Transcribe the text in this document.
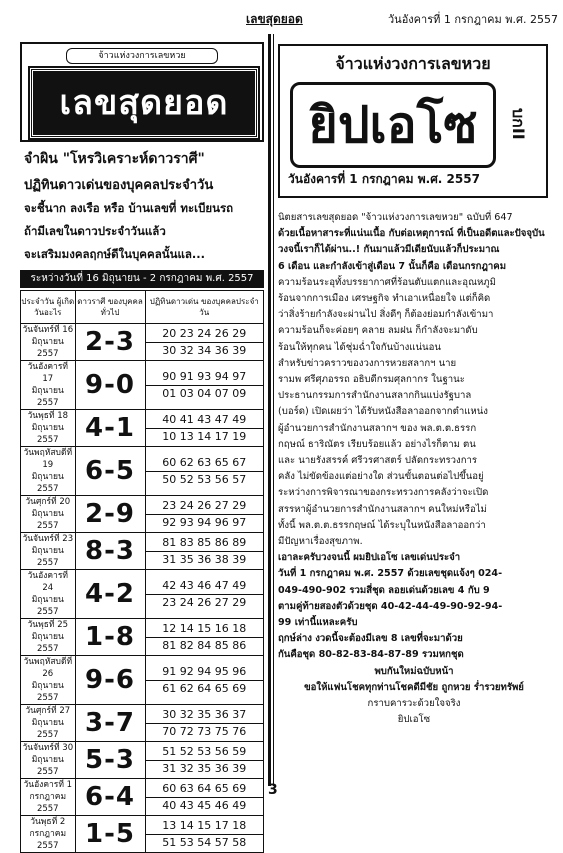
เลขสุดยอด	วันอังคารที่ 1 กรกฎาคม พ.ศ. 2557
จ้าวแห่งวงการเลขหวย
เลขสุดยอด
จำผิน "โหรวิเคราะห์ดาวราศี"
ปฏิทินดาวเด่นของบุคคลประจำวัน
จะชี้นาก ลงเรือ หรือ บ้านเลขที่ ทะเบียนรถ
ถ้ามีเลขในดาวประจำวันแล้ว
จะเสริมมงคลฤกษ์ดีในบุคคลนั้นแล...
ระหว่างวันที่ 16 มิถุนายน - 2 กรกฎาคม พ.ศ. 2557
ประจำวัน ผู้เกิดวันอะไร	ดาวราศี ของบุคคลทั่วไป	ปฏิทินดาวเด่น ของบุคคลประจำวัน
วันจันทร์ที่ 16
มิถุนายน 2557	2-3	20 23 24 26 29
30 32 34 36 39

วันอังคารที่ 17
มิถุนายน 2557	9-0	90 91 93 94 97
01 03 04 07 09

วันพุธที่ 18
มิถุนายน 2557	4-1	40 41 43 47 49
10 13 14 17 19

วันพฤหัสบดีที่ 19
มิถุนายน 2557	6-5	60 62 63 65 67
50 52 53 56 57

วันศุกร์ที่ 20
มิถุนายน 2557	2-9	23 24 26 27 29
92 93 94 96 97

วันจันทร์ที่ 23
มิถุนายน 2557	8-3	81 83 85 86 89
31 35 36 38 39

วันอังคารที่ 24
มิถุนายน 2557	4-2	42 43 46 47 49
23 24 26 27 29

วันพุธที่ 25
มิถุนายน 2557	1-8	12 14 15 16 18
81 82 84 85 86

วันพฤหัสบดีที่ 26
มิถุนายน 2557	9-6	91 92 94 95 96
61 62 64 65 69

วันศุกร์ที่ 27
มิถุนายน 2557	3-7	30 32 35 36 37
70 72 73 75 76

วันจันทร์ที่ 30
มิถุนายน 2557	5-3	51 52 53 56 59
31 32 35 36 39

วันอังคารที่ 1
กรกฎาคม 2557	6-4	60 63 64 65 69
40 43 45 46 49

วันพุธที่ 2
กรกฎาคม 2557	1-5	13 14 15 17 18
51 53 54 57 58
จ้าวแห่งวงการเลขหวย
ยิปเอโซ	บกII
วันอังคารที่ 1 กรกฎาคม พ.ศ. 2557

นิตยสารเลขสุดยอด "จ้าวแห่งวงการเลขหวย" ฉบับที่ 647

ด้วยเนื้อหาสาระที่แน่นเนื้อ กับต่อเหตุการณ์ ที่เป็นอดีตและปัจจุบัน

วงจนี้เราก็ได้ผ่าน..! กันมาแล้วมีเดียนับแล้วก็ประมาณ

6 เดือน และกำลังเข้าสู่เดือน 7 นั้นก็คือ เดือนกรกฎาคม

ความร้อนระอุทั้งบรรยากาศที่ร้อนตับแตกและอุณหภูมิ

ร้อนจากการเมือง เศรษฐกิจ ทำเอาเหนื่อยใจ แต่ก็คิด

ว่าสิ่งร้ายกำลังจะผ่านไป สิ่งดีๆ ก็ต้องย่อมกำลังเข้ามา

ความร้อนก็จะค่อยๆ คลาย ลมฝน ก็กำลังจะมาดับ

ร้อนให้ทุกคน ได้ชุ่มฉ่ำใจกันบ้างแน่นอน

สำหรับข่าวคราวของวงการหวยสลากฯ นาย

รามพ ศรีศุภอรรถ อธิบดีกรมศุลกากร ในฐานะ

ประธานกรรมการสำนักงานสลากกินแบ่งรัฐบาล

(บอร์ด) เปิดเผยว่า ได้รับหนังสือลาออกจากตำแหน่ง

ผู้อำนวยการสำนักงานสลากฯ ของ พล.ต.ต.ธรรก

กฤษณ์ ธาริณัตร เรียบร้อยแล้ว อย่างไรก็ตาม ตน

และ นายรังสรรค์ ศรีวรศาสตร์ ปลัดกระทรวงการ

คลัง ไม่ขัดข้องแต่อย่างใด ส่วนขั้นตอนต่อไปขึ้นอยู่

ระหว่างการพิจารณาของกระทรวงการคลังว่าจะเปิด

สรรหาผู้อำนวยการสำนักงานสลากฯ คนใหม่หรือไม่

ทั้งนี้ พล.ต.ต.ธรรกฤษณ์ ได้ระบุในหนังสือลาออกว่า

มีปัญหาเรื่องสุขภาพ.

เอาละครับวงจนนี้ ผมยิปเอโซ เลขเด่นประจำ

วันที่ 1 กรกฎาคม พ.ศ. 2557 ด้วยเลขชุดแจ้งๆ 024-

049-490-902 รวมสี่ชุด ลอยเด่นด้วยเลข 4 กับ 9

ตามคู่ท้ายสองตัวด้วยชุด 40-42-44-49-90-92-94-

99 เท่านี้แหละครับ

ฤกษ์ล่าง งวดนี้จะต้องมีเลข 8 เลขที่จะมาด้วย

กันคือชุด 80-82-83-84-87-89 รวมหกชุด

พบกันใหม่ฉบับหน้า

ขอให้แฟนโชคทุกท่านโชคดีมีชัย ถูกหวย ร่ำรวยทรัพย์

กราบคารวะด้วยใจจริง

ยิปเอโซ

3
